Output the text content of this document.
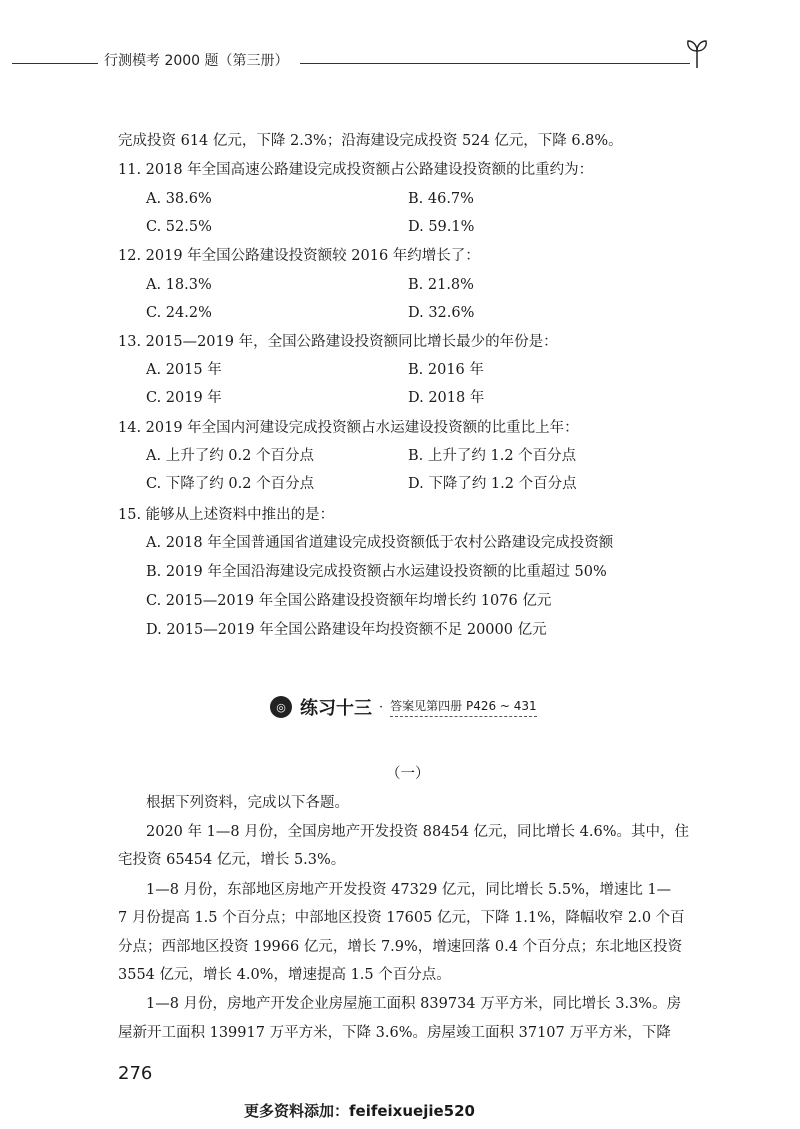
行测模考 2000 题（第三册）
完成投资 614 亿元，下降 2.3%；沿海建设完成投资 524 亿元，下降 6.8%。
11. 2018 年全国高速公路建设完成投资额占公路建设投资额的比重约为：
A. 38.6%	B. 46.7%
C. 52.5%	D. 59.1%
12. 2019 年全国公路建设投资额较 2016 年约增长了：
A. 18.3%	B. 21.8%
C. 24.2%	D. 32.6%
13. 2015—2019 年，全国公路建设投资额同比增长最少的年份是：
A. 2015 年	B. 2016 年
C. 2019 年	D. 2018 年
14. 2019 年全国内河建设完成投资额占水运建设投资额的比重比上年：
A. 上升了约 0.2 个百分点	B. 上升了约 1.2 个百分点
C. 下降了约 0.2 个百分点	D. 下降了约 1.2 个百分点
15. 能够从上述资料中推出的是：
A. 2018 年全国普通国省道建设完成投资额低于农村公路建设完成投资额
B. 2019 年全国沿海建设完成投资额占水运建设投资额的比重超过 50%
C. 2015—2019 年全国公路建设投资额年均增长约 1076 亿元
D. 2015—2019 年全国公路建设年均投资额不足 20000 亿元
◎ 练习十三 · 答案见第四册 P426 ~ 431
（一）
根据下列资料，完成以下各题。
2020 年 1—8 月份，全国房地产开发投资 88454 亿元，同比增长 4.6%。其中，住
宅投资 65454 亿元，增长 5.3%。
1—8 月份，东部地区房地产开发投资 47329 亿元，同比增长 5.5%，增速比 1—
7 月份提高 1.5 个百分点；中部地区投资 17605 亿元，下降 1.1%，降幅收窄 2.0 个百
分点；西部地区投资 19966 亿元，增长 7.9%，增速回落 0.4 个百分点；东北地区投资
3554 亿元，增长 4.0%，增速提高 1.5 个百分点。
1—8 月份，房地产开发企业房屋施工面积 839734 万平方米，同比增长 3.3%。房
屋新开工面积 139917 万平方米，下降 3.6%。房屋竣工面积 37107 万平方米，下降
276
更多资料添加：feifeixuejie520
